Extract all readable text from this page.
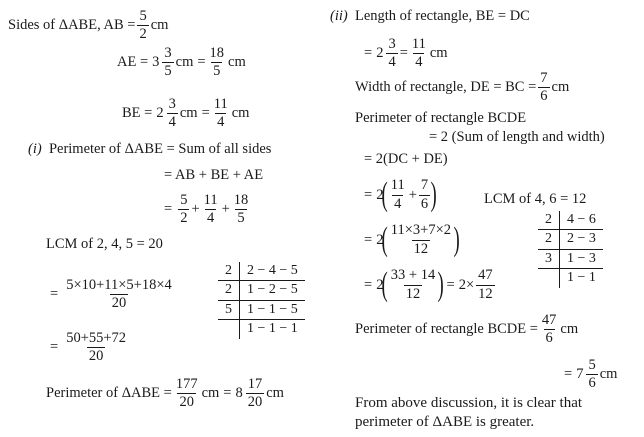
Sides of ΔABE, AB = $\frac{5}{2}$ cm
AE = 3
3
5
cm = $\frac{18}{5}$ cm
BE = 2
3
4
cm = $\frac{11}{4}$ cm
(i) Perimeter of ΔABE = Sum of all sides
= AB + BE + AE
=
5
2
+ $\frac{11}{4} + \frac{18}{5}$
LCM of 2, 4, 5 = 20
=
5×10+11×5+18×4
20
=
50+55+72
20
2	2 − 4 − 5
2	1 − 2 − 5
5	1 − 1 − 5
	1 − 1 − 1
Perimeter of $\Delta ABE = \frac{177}{20}$ cm = 8
17
20
cm
(ii) Length of rectangle, BE = DC
= $2 \frac{3}{4} = \frac{11}{4}$ cm
Width of rectangle, DE = BC = $\frac{7}{6}$ cm
Perimeter of rectangle BCDE
= 2 (Sum of length and width)
= 2(DC + DE)
= 2
( 11
4
+ $\frac{7}{6}$ )	LCM of 4, 6 = 12
2	4 − 6
2	2 − 3
3	1 − 3
	1 − 1
= 2
( 11×3+7×2
12 )
= 2
( 33 + 14
12 ) = $2\times \frac{47}{12}$
Perimeter of rectangle BCDE = $\frac{47}{6}$ cm
= 7
5
6
cm
From above discussion, it is clear that
perimeter of ΔABE is greater.
